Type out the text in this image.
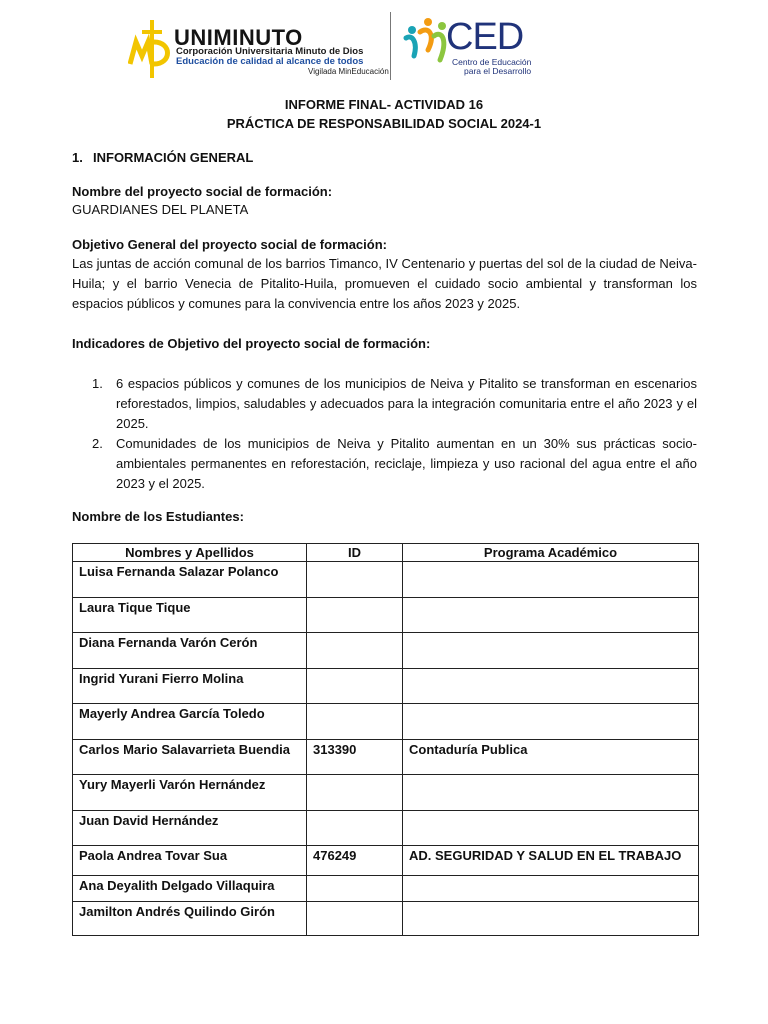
UNIMINUTO
Corporación Universitaria Minuto de Dios
Educación de calidad al alcance de todos
Vigilada MinEducación
CED
Centro de Educación
para el Desarrollo
INFORME FINAL- ACTIVIDAD 16
PRÁCTICA DE RESPONSABILIDAD SOCIAL 2024-1
1. INFORMACIÓN GENERAL
Nombre del proyecto social de formación:
GUARDIANES DEL PLANETA
Objetivo General del proyecto social de formación:
Las juntas de acción comunal de los barrios Timanco, IV Centenario y puertas del sol de la ciudad de Neiva-Huila; y el barrio Venecia de Pitalito-Huila, promueven el cuidado socio ambiental y transforman los espacios públicos y comunes para la convivencia entre los años 2023 y 2025.
Indicadores de Objetivo del proyecto social de formación:
1. 6 espacios públicos y comunes de los municipios de Neiva y Pitalito se transforman en escenarios reforestados, limpios, saludables y adecuados para la integración comunitaria entre el año 2023 y el 2025.
2. Comunidades de los municipios de Neiva y Pitalito aumentan en un 30% sus prácticas socio-ambientales permanentes en reforestación, reciclaje, limpieza y uso racional del agua entre el año 2023 y el 2025.
Nombre de los Estudiantes:
Nombres y Apellidos	ID	Programa Académico
Luisa Fernanda Salazar Polanco		
Laura Tique Tique		
Diana Fernanda Varón Cerón		
Ingrid Yurani Fierro Molina		
Mayerly Andrea García Toledo		
Carlos Mario Salavarrieta Buendia	313390	Contaduría Publica
Yury Mayerli Varón Hernández		
Juan David Hernández		
Paola Andrea Tovar Sua	476249	AD. SEGURIDAD Y SALUD EN EL TRABAJO
Ana Deyalith Delgado Villaquira		
Jamilton Andrés Quilindo Girón		
